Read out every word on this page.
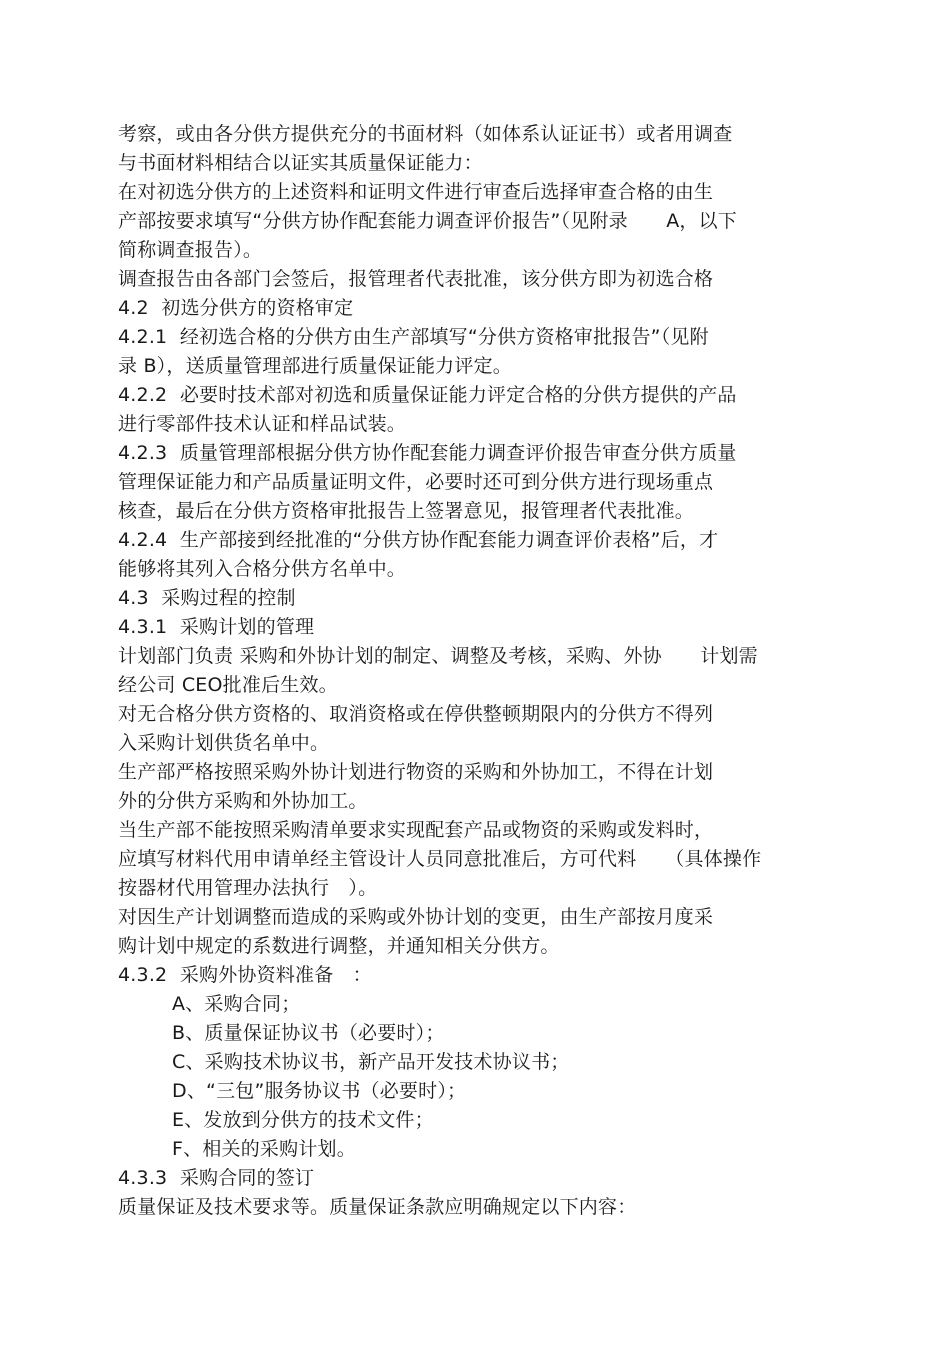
考察，或由各分供方提供充分的书面材料（如体系认证证书）或者用调查
与书面材料相结合以证实其质量保证能力：
在对初选分供方的上述资料和证明文件进行审查后选择审查合格的由生
产部按要求填写“分供方协作配套能力调查评价报告”（见附录　　A，以下
简称调查报告）。
调查报告由各部门会签后，报管理者代表批准，该分供方即为初选合格
4.2  初选分供方的资格审定
4.2.1  经初选合格的分供方由生产部填写“分供方资格审批报告”（见附
录 B），送质量管理部进行质量保证能力评定。
4.2.2  必要时技术部对初选和质量保证能力评定合格的分供方提供的产品
进行零部件技术认证和样品试装。
4.2.3  质量管理部根据分供方协作配套能力调查评价报告审查分供方质量
管理保证能力和产品质量证明文件，必要时还可到分供方进行现场重点
核查，最后在分供方资格审批报告上签署意见，报管理者代表批准。
4.2.4  生产部接到经批准的“分供方协作配套能力调查评价表格”后，才
能够将其列入合格分供方名单中。
4.3  采购过程的控制
4.3.1  采购计划的管理
计划部门负责 采购和外协计划的制定、调整及考核，采购、外协　　计划需
经公司 CEO批准后生效。
对无合格分供方资格的、取消资格或在停供整顿期限内的分供方不得列
入采购计划供货名单中。
生产部严格按照采购外协计划进行物资的采购和外协加工，不得在计划
外的分供方采购和外协加工。
当生产部不能按照采购清单要求实现配套产品或物资的采购或发料时，
应填写材料代用申请单经主管设计人员同意批准后，方可代料　　（具体操作
按器材代用管理办法执行　）。
对因生产计划调整而造成的采购或外协计划的变更，由生产部按月度采
购计划中规定的系数进行调整，并通知相关分供方。
4.3.2  采购外协资料准备　：
A、采购合同；
B、质量保证协议书（必要时）；
C、采购技术协议书，新产品开发技术协议书；
D、“三包”服务协议书（必要时）；
E、发放到分供方的技术文件；
F、相关的采购计划。
4.3.3  采购合同的签订
质量保证及技术要求等。质量保证条款应明确规定以下内容：
